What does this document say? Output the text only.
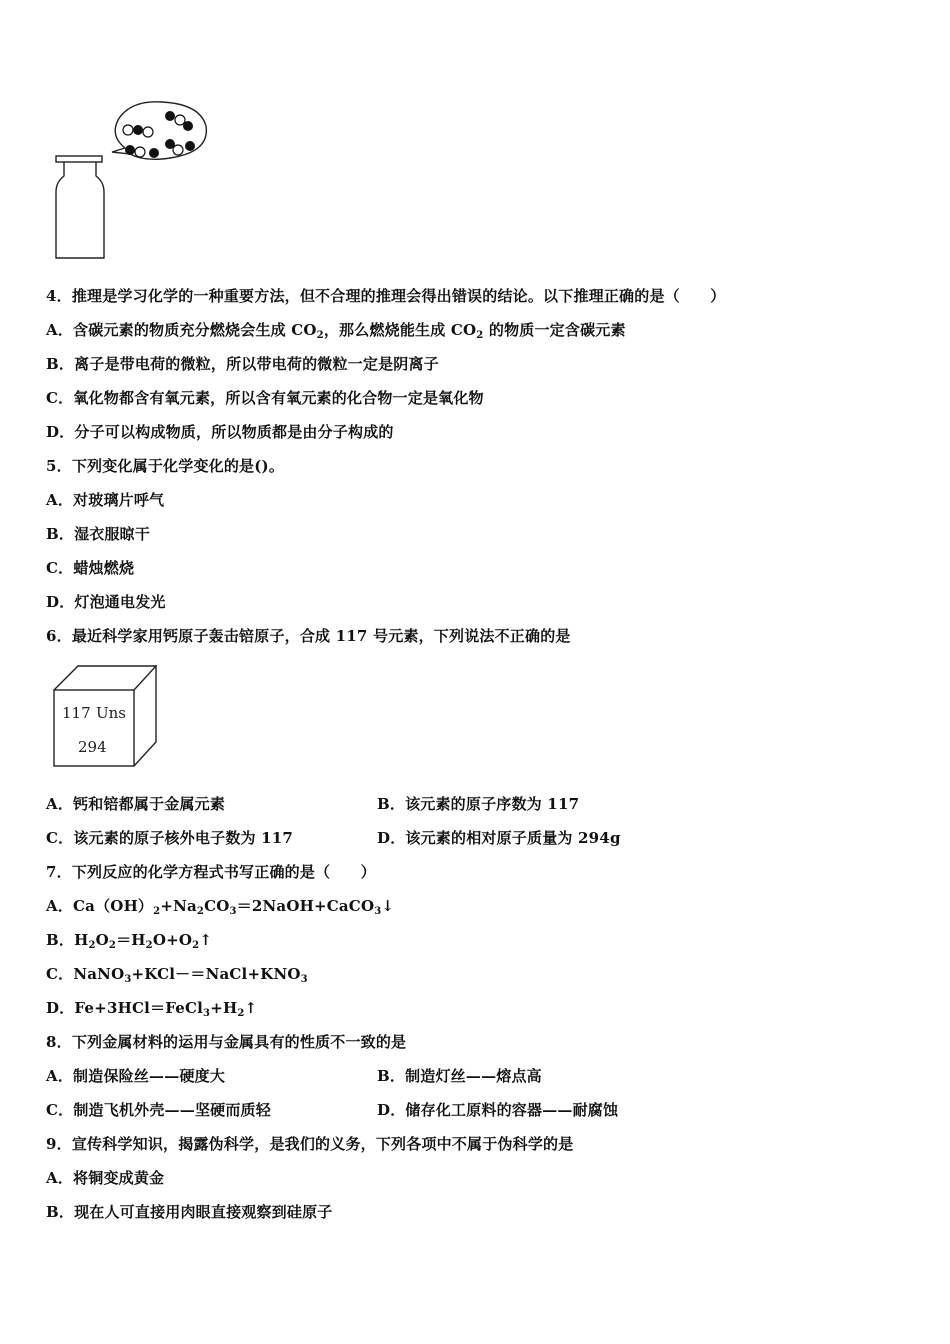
4．推理是学习化学的一种重要方法，但不合理的推理会得出错误的结论。以下推理正确的是（　　）
A．含碳元素的物质充分燃烧会生成 $CO_2$，那么燃烧能生成 $CO_2$ 的物质一定含碳元素
B．离子是带电荷的微粒，所以带电荷的微粒一定是阴离子
C．氧化物都含有氧元素，所以含有氧元素的化合物一定是氧化物
D．分子可以构成物质，所以物质都是由分子构成的
5．下列变化属于化学变化的是()。
A．对玻璃片呼气
B．湿衣服晾干
C．蜡烛燃烧
D．灯泡通电发光
6．最近科学家用钙原子轰击锫原子，合成 117 号元素，下列说法不正确的是
117 Uns
294
A．钙和锫都属于金属元素	B．该元素的原子序数为 117
C．该元素的原子核外电子数为 117	D．该元素的相对原子质量为 294g
7．下列反应的化学方程式书写正确的是（　　）
A．$Ca(OH)_2+Na_2CO_3=2NaOH+CaCO_3↓$
B．$H_2O_2=H_2O+O_2↑$
C．$NaNO_3+KCl-=NaCl+KNO_3$
D．$Fe+3HCl=FeCl_3+H_2↑$
8．下列金属材料的运用与金属具有的性质不一致的是
A．制造保险丝——硬度大	B．制造灯丝——熔点高
C．制造飞机外壳——坚硬而质轻	D．储存化工原料的容器——耐腐蚀
9．宣传科学知识，揭露伪科学，是我们的义务，下列各项中不属于伪科学的是
A．将铜变成黄金
B．现在人可直接用肉眼直接观察到硅原子
